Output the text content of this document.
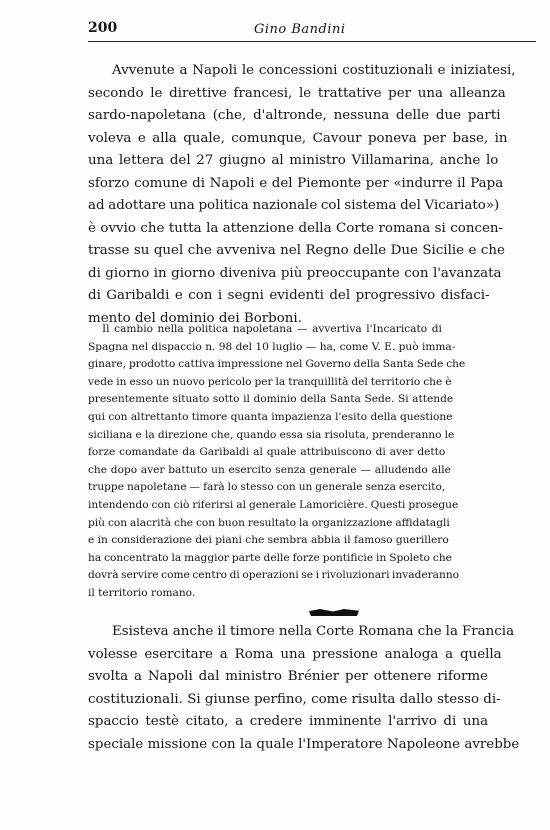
200	Gino Bandini
Avvenute a Napoli le concessioni costituzionali e iniziatesi,
secondo le direttive francesi, le trattative per una alleanza
sardo-napoletana (che, d'altronde, nessuna delle due parti
voleva e alla quale, comunque, Cavour poneva per base, in
una lettera del 27 giugno al ministro Villamarina, anche lo
sforzo comune di Napoli e del Piemonte per «indurre il Papa
ad adottare una politica nazionale col sistema del Vicariato»)
è ovvio che tutta la attenzione della Corte romana si concen-
trasse su quel che avveniva nel Regno delle Due Sicilie e che
di giorno in giorno diveniva più preoccupante con l'avanzata
di Garibaldi e con i segni evidenti del progressivo disfaci-
mento del dominio dei Borboni.
Il cambio nella politica napoletana — avvertiva l'Incaricato di
Spagna nel dispaccio n. 98 del 10 luglio — ha, come V. E. può imma-
ginare, prodotto cattiva impressione nel Governo della Santa Sede che
vede in esso un nuovo pericolo per la tranquillità del territorio che è
presentemente situato sotto il dominio della Santa Sede. Si attende
qui con altrettanto timore quanta impazienza l'esito della questione
siciliana e la direzione che, quando essa sia risoluta, prenderanno le
forze comandate da Garibaldi al quale attribuiscono di aver detto
che dopo aver battuto un esercito senza generale — alludendo alle
truppe napoletane — farà lo stesso con un generale senza esercito,
intendendo con ciò riferirsi al generale Lamoricière. Questi prosegue
più con alacrità che con buon resultato la organizzazione affidatagli
e in considerazione dei piani che sembra abbia il famoso guerillero
ha concentrato la maggior parte delle forze pontificie in Spoleto che
dovrà servire come centro di operazioni se i rivoluzionari invaderanno
il territorio romano.
Esisteva anche il timore nella Corte Romana che la Francia
volesse esercitare a Roma una pressione analoga a quella
svolta a Napoli dal ministro Brénier per ottenere riforme
costituzionali. Si giunse perfino, come risulta dallo stesso di-
spaccio testè citato, a credere imminente l'arrivo di una
speciale missione con la quale l'Imperatore Napoleone avrebbe
